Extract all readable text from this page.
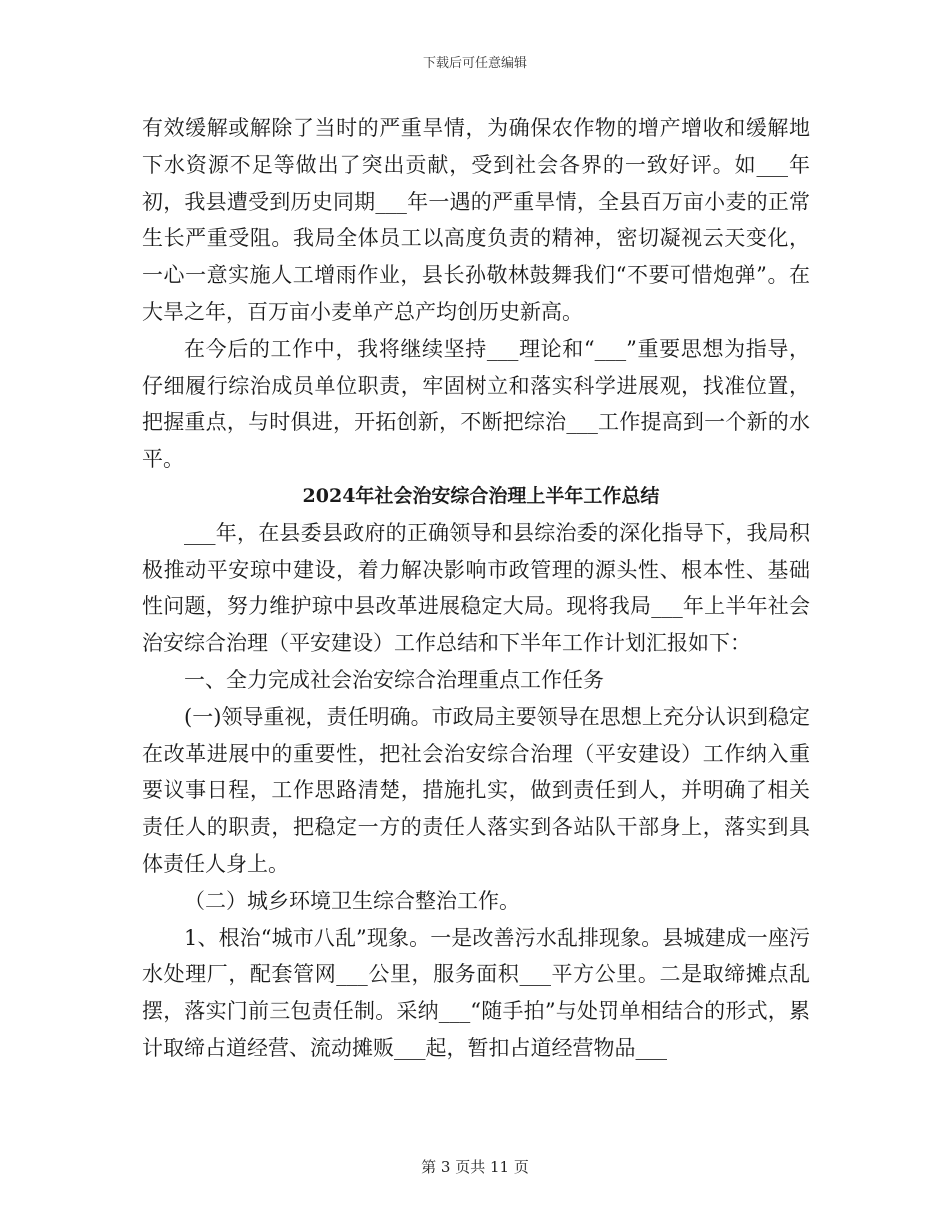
下载后可任意编辑

有效缓解或解除了当时的严重旱情，为确保农作物的增产增收和缓解地下水资源不足等做出了突出贡献，受到社会各界的一致好评。如___年初，我县遭受到历史同期___年一遇的严重旱情，全县百万亩小麦的正常生长严重受阻。我局全体员工以高度负责的精神，密切凝视云天变化，一心一意实施人工增雨作业，县长孙敬林鼓舞我们“不要可惜炮弹”。在大旱之年，百万亩小麦单产总产均创历史新高。

在今后的工作中，我将继续坚持___理论和“___”重要思想为指导，仔细履行综治成员单位职责，牢固树立和落实科学进展观，找准位置，把握重点，与时俱进，开拓创新，不断把综治___工作提高到一个新的水平。

2024年社会治安综合治理上半年工作总结

___年，在县委县政府的正确领导和县综治委的深化指导下，我局积极推动平安琼中建设，着力解决影响市政管理的源头性、根本性、基础性问题，努力维护琼中县改革进展稳定大局。现将我局___年上半年社会治安综合治理（平安建设）工作总结和下半年工作计划汇报如下：

一、全力完成社会治安综合治理重点工作任务

(一)领导重视，责任明确。市政局主要领导在思想上充分认识到稳定在改革进展中的重要性，把社会治安综合治理（平安建设）工作纳入重要议事日程，工作思路清楚，措施扎实，做到责任到人，并明确了相关责任人的职责，把稳定一方的责任人落实到各站队干部身上，落实到具体责任人身上。

（二）城乡环境卫生综合整治工作。

1、根治“城市八乱”现象。一是改善污水乱排现象。县城建成一座污水处理厂，配套管网___公里，服务面积___平方公里。二是取缔摊点乱摆，落实门前三包责任制。采纳___“随手拍”与处罚单相结合的形式，累计取缔占道经营、流动摊贩___起，暂扣占道经营物品___

第 3 页共 11 页
